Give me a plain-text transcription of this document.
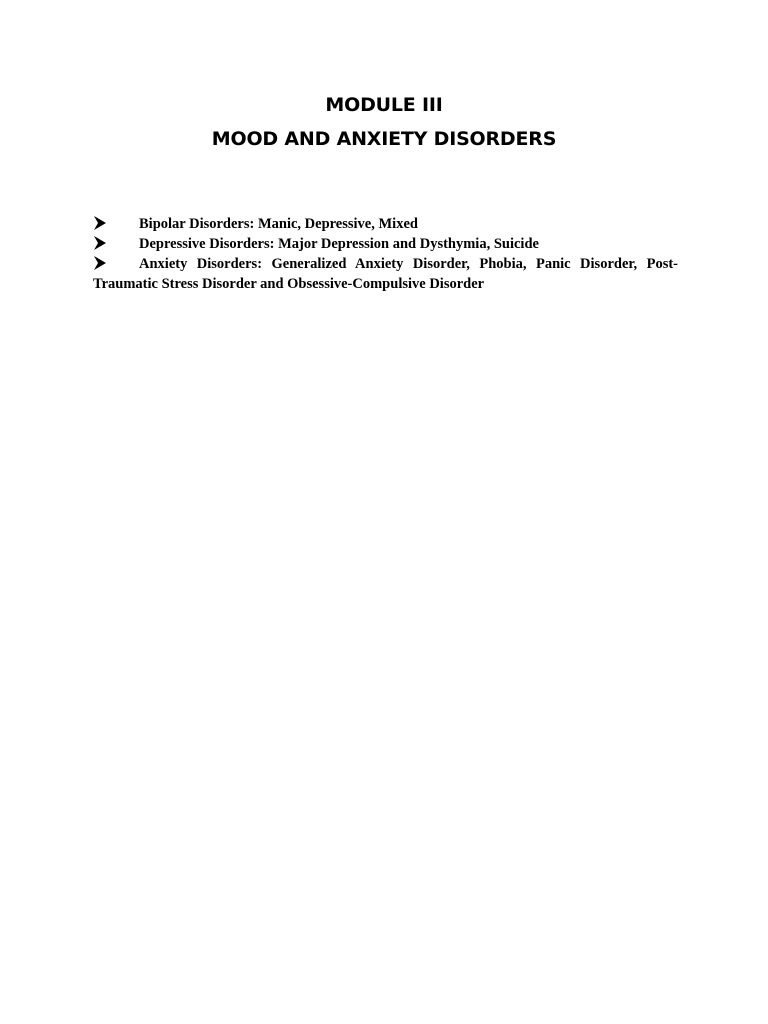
MODULE III
MOOD AND ANXIETY DISORDERS
Bipolar Disorders: Manic, Depressive, Mixed
Depressive Disorders: Major Depression and Dysthymia, Suicide
Anxiety Disorders: Generalized Anxiety Disorder, Phobia, Panic Disorder, Post-Traumatic Stress Disorder and Obsessive-Compulsive Disorder
